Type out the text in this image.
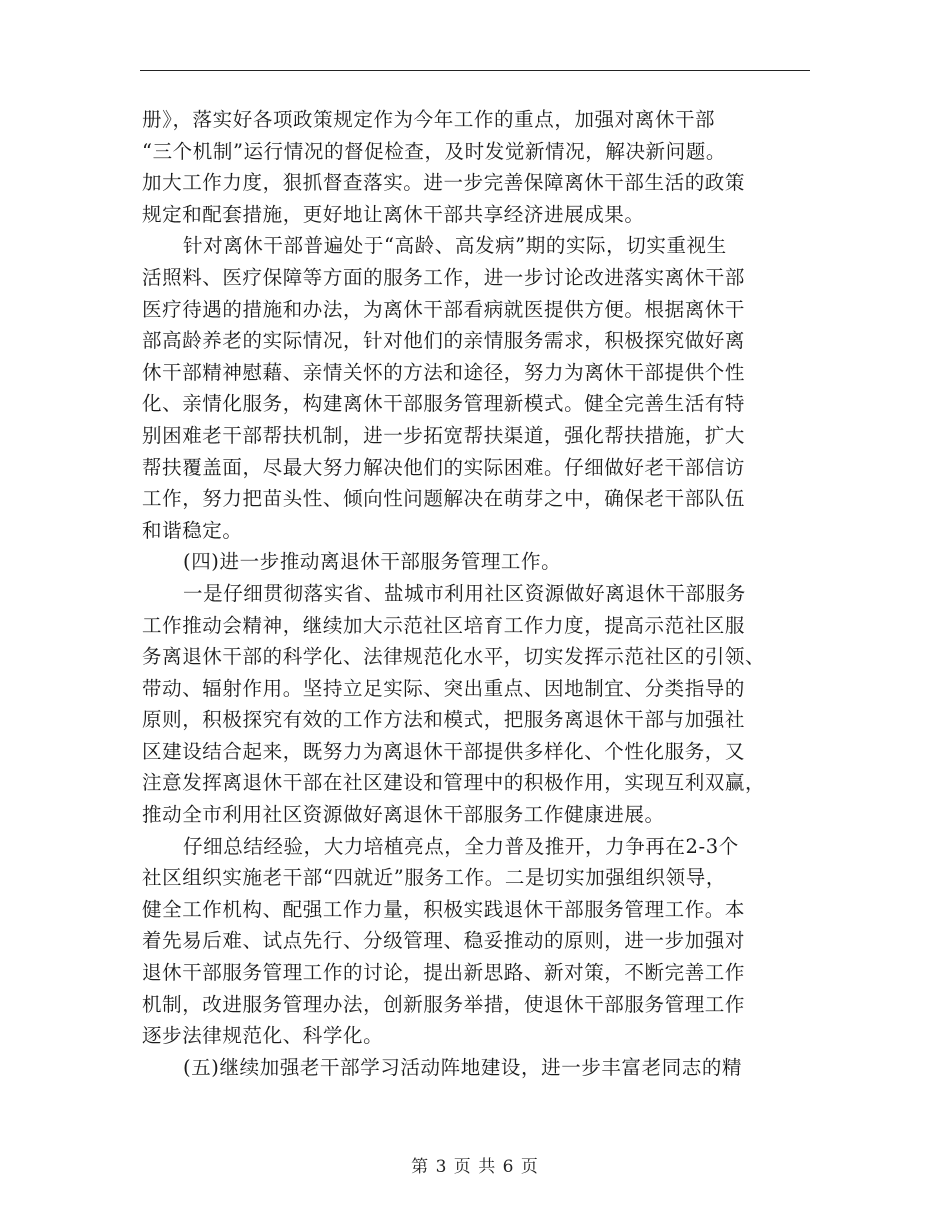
册》，落实好各项政策规定作为今年工作的重点，加强对离休干部
“三个机制”运行情况的督促检查，及时发觉新情况，解决新问题。
加大工作力度，狠抓督查落实。进一步完善保障离休干部生活的政策
规定和配套措施，更好地让离休干部共享经济进展成果。
针对离休干部普遍处于“高龄、高发病”期的实际，切实重视生
活照料、医疗保障等方面的服务工作，进一步讨论改进落实离休干部
医疗待遇的措施和办法，为离休干部看病就医提供方便。根据离休干
部高龄养老的实际情况，针对他们的亲情服务需求，积极探究做好离
休干部精神慰藉、亲情关怀的方法和途径，努力为离休干部提供个性
化、亲情化服务，构建离休干部服务管理新模式。健全完善生活有特
别困难老干部帮扶机制，进一步拓宽帮扶渠道，强化帮扶措施，扩大
帮扶覆盖面，尽最大努力解决他们的实际困难。仔细做好老干部信访
工作，努力把苗头性、倾向性问题解决在萌芽之中，确保老干部队伍
和谐稳定。
(四)进一步推动离退休干部服务管理工作。
一是仔细贯彻落实省、盐城市利用社区资源做好离退休干部服务
工作推动会精神，继续加大示范社区培育工作力度，提高示范社区服
务离退休干部的科学化、法律规范化水平，切实发挥示范社区的引领、
带动、辐射作用。坚持立足实际、突出重点、因地制宜、分类指导的
原则，积极探究有效的工作方法和模式，把服务离退休干部与加强社
区建设结合起来，既努力为离退休干部提供多样化、个性化服务，又
注意发挥离退休干部在社区建设和管理中的积极作用，实现互利双赢，
推动全市利用社区资源做好离退休干部服务工作健康进展。
仔细总结经验，大力培植亮点，全力普及推开，力争再在2-3个
社区组织实施老干部“四就近”服务工作。二是切实加强组织领导，
健全工作机构、配强工作力量，积极实践退休干部服务管理工作。本
着先易后难、试点先行、分级管理、稳妥推动的原则，进一步加强对
退休干部服务管理工作的讨论，提出新思路、新对策，不断完善工作
机制，改进服务管理办法，创新服务举措，使退休干部服务管理工作
逐步法律规范化、科学化。
(五)继续加强老干部学习活动阵地建设，进一步丰富老同志的精
第 3 页 共 6 页
